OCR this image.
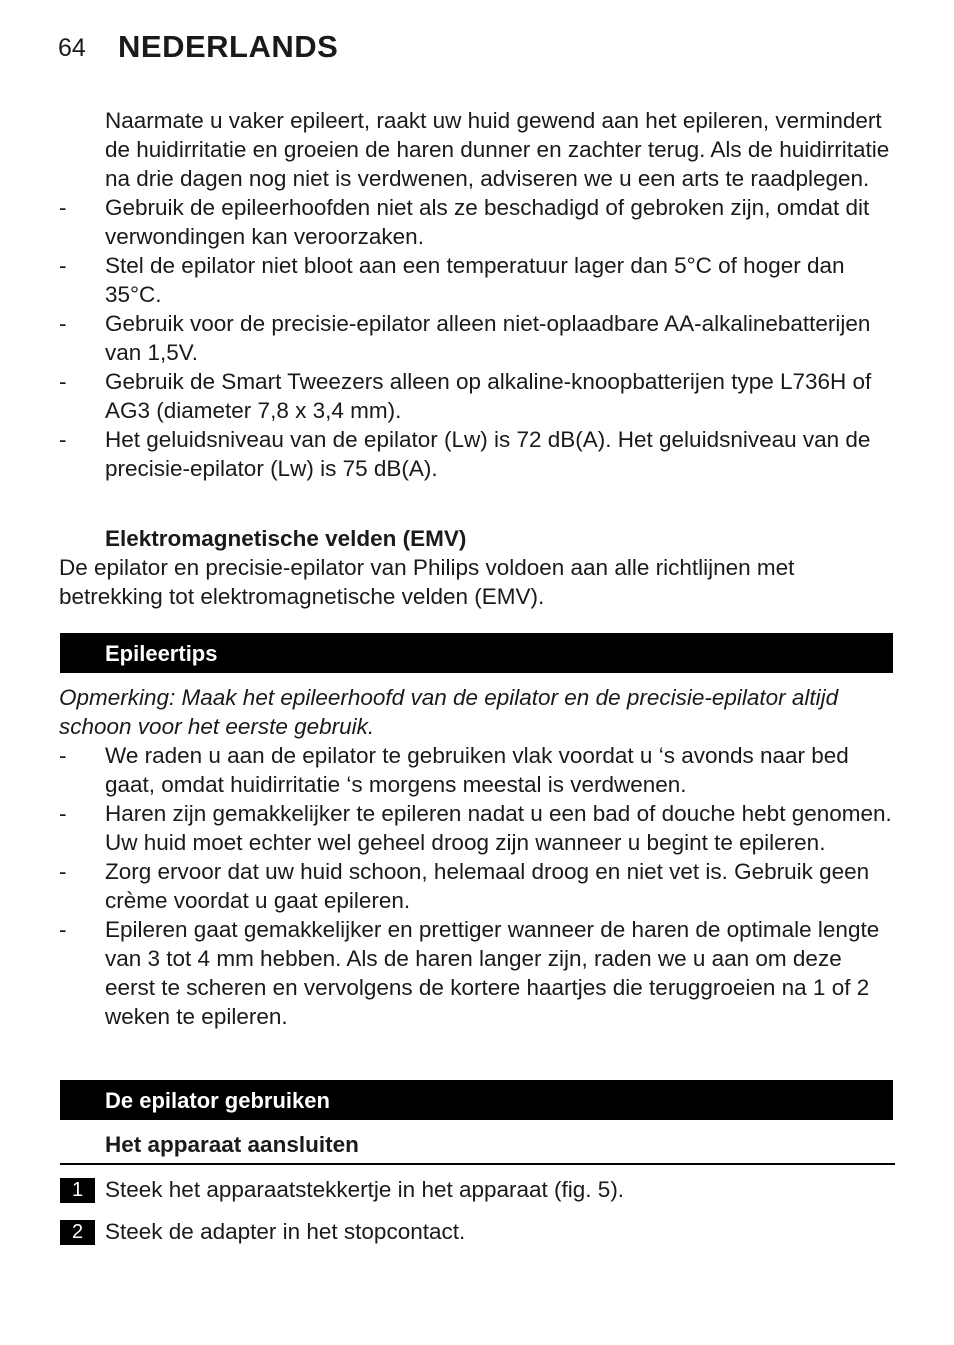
64 NEDERLANDS
Naarmate u vaker epileert, raakt uw huid gewend aan het epileren, vermindert de huidirritatie en groeien de haren dunner en zachter terug. Als de huidirritatie na drie dagen nog niet is verdwenen, adviseren we u een arts te raadplegen.
- Gebruik de epileerhoofden niet als ze beschadigd of gebroken zijn, omdat dit verwondingen kan veroorzaken.
- Stel de epilator niet bloot aan een temperatuur lager dan 5°C of hoger dan 35°C.
- Gebruik voor de precisie-epilator alleen niet-oplaadbare AA-alkalinebatterijen van 1,5V.
- Gebruik de Smart Tweezers alleen op alkaline-knoopbatterijen type L736H of AG3 (diameter 7,8 x 3,4 mm).
- Het geluidsniveau van de epilator (Lw) is 72 dB(A). Het geluidsniveau van de precisie-epilator (Lw) is 75 dB(A).
Elektromagnetische velden (EMV)
De epilator en precisie-epilator van Philips voldoen aan alle richtlijnen met betrekking tot elektromagnetische velden (EMV).
Epileertips
Opmerking: Maak het epileerhoofd van de epilator en de precisie-epilator altijd schoon voor het eerste gebruik.
- We raden u aan de epilator te gebruiken vlak voordat u ‘s avonds naar bed gaat, omdat huidirritatie ‘s morgens meestal is verdwenen.
- Haren zijn gemakkelijker te epileren nadat u een bad of douche hebt genomen. Uw huid moet echter wel geheel droog zijn wanneer u begint te epileren.
- Zorg ervoor dat uw huid schoon, helemaal droog en niet vet is. Gebruik geen crème voordat u gaat epileren.
- Epileren gaat gemakkelijker en prettiger wanneer de haren de optimale lengte van 3 tot 4 mm hebben. Als de haren langer zijn, raden we u aan om deze eerst te scheren en vervolgens de kortere haartjes die teruggroeien na 1 of 2 weken te epileren.
De epilator gebruiken
Het apparaat aansluiten
1 Steek het apparaatstekkertje in het apparaat (fig. 5).
2 Steek de adapter in het stopcontact.
